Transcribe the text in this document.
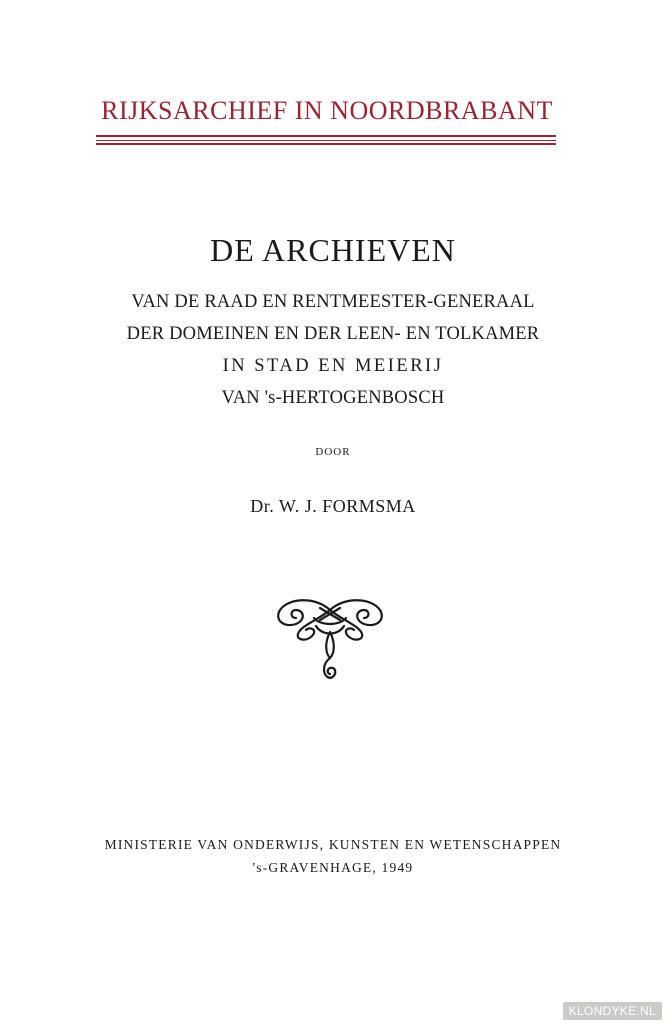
RIJKSARCHIEF IN NOORDBRABANT
DE ARCHIEVEN
VAN DE RAAD EN RENTMEESTER-GENERAAL
DER DOMEINEN EN DER LEEN- EN TOLKAMER
IN STAD EN MEIERIJ
VAN 's-HERTOGENBOSCH
DOOR
Dr. W. J. FORMSMA
MINISTERIE VAN ONDERWIJS, KUNSTEN EN WETENSCHAPPEN
's-GRAVENHAGE, 1949
KLONDYKE.NL
